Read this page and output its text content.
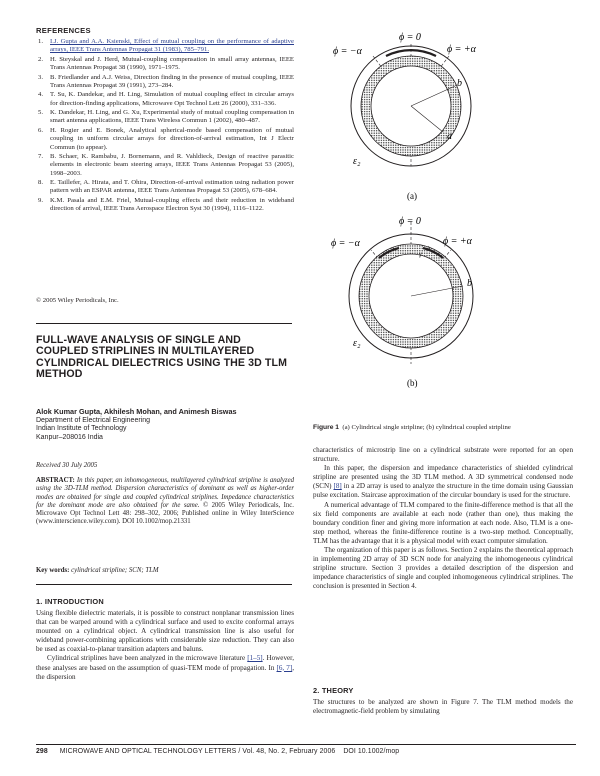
REFERENCES
1.	I.J. Gupta and A.A. Ksienski, Effect of mutual coupling on the performance of adaptive arrays, IEEE Trans Antennas Propagat 31 (1983), 785–791.
2.	H. Steyskal and J. Herd, Mutual-coupling compensation in small array antennas, IEEE Trans Antennas Propagat 38 (1990), 1971–1975.
3.	B. Friedlander and A.J. Weiss, Direction finding in the presence of mutual coupling, IEEE Trans Antennas Propagat 39 (1991), 273–284.
4.	T. Su, K. Dandekar, and H. Ling, Simulation of mutual coupling effect in circular arrays for direction-finding applications, Microwave Opt Technol Lett 26 (2000), 331–336.
5.	K. Dandekar, H. Ling, and G. Xu, Experimental study of mutual coupling compensation in smart antenna applications, IEEE Trans Wireless Commun 1 (2002), 480–487.
6.	H. Rogier and E. Bonek, Analytical spherical-mode based compensation of mutual coupling in uniform circular arrays for direction-of-arrival estimation, Int J Electr Commun (to appear).
7.	B. Schaer, K. Rambabu, J. Bornemann, and R. Vahldieck, Design of reactive parasitic elements in electronic beam steering arrays, IEEE Trans Antennas Propagat 53 (2005), 1998–2003.
8.	E. Taillefer, A. Hirata, and T. Ohira, Direction-of-arrival estimation using radiation power pattern with an ESPAR antenna, IEEE Trans Antennas Propagat 53 (2005), 678–684.
9.	K.M. Pasala and E.M. Friel, Mutual-coupling effects and their reduction in wideband direction of arrival, IEEE Trans Aerospace Electron Syst 30 (1994), 1116–1122.
© 2005 Wiley Periodicals, Inc.
FULL-WAVE ANALYSIS OF SINGLE AND COUPLED STRIPLINES IN MULTILAYERED CYLINDRICAL DIELECTRICS USING THE 3D TLM METHOD
Alok Kumar Gupta, Akhilesh Mohan, and Animesh Biswas
Department of Electrical Engineering
Indian Institute of Technology
Kanpur–208016 India
Received 30 July 2005
ABSTRACT: In this paper, an inhomogeneous, multilayered cylindrical stripline is analyzed using the 3D-TLM method. Dispersion characteristics of dominant as well as higher-order modes are obtained for single and coupled cylindrical striplines. Impedance characteristics for the dominant mode are also obtained for the same. © 2005 Wiley Periodicals, Inc. Microwave Opt Technol Lett 48: 298–302, 2006; Published online in Wiley InterScience (www.interscience.wiley.com). DOI 10.1002/mop.21331
Key words: cylindrical stripline; SCN; TLM
1. INTRODUCTION

Using flexible dielectric materials, it is possible to construct nonplanar transmission lines that can be warped around with a cylindrical surface and used to excite conformal arrays mounted on a cylindrical object. A cylindrical transmission line is also useful for wideband power-combining applications with considerable size reduction. They can also be used as coaxial-to-planar transition adapters and baluns.

Cylindrical striplines have been analyzed in the microwave literature [1–5]. However, these analyses are based on the assumption of quasi-TEM mode of propagation. In [6, 7], the dispersion

ϕ = 0
ϕ = +α
ϕ = −α
b
a
ε₂
(a)
ϕ = 0
ϕ = +α
ϕ = −α
γ
b
ε₂
(b)
Figure 1 (a) Cylindrical single stripline; (b) cylindrical coupled stripline

characteristics of microstrip line on a cylindrical substrate were reported for an open structure.

In this paper, the dispersion and impedance characteristics of shielded cylindrical stripline are presented using the 3D TLM method. A 3D symmetrical condensed node (SCN) [8] in a 2D array is used to analyze the structure in the time domain using Gaussian pulse excitation. Staircase approximation of the circular boundary is used for the structure.

A numerical advantage of TLM compared to the finite-difference method is that all the six field components are available at each node (rather than one), thus making the boundary condition finer and giving more information at each node. Also, TLM is a one-step method, whereas the finite-difference routine is a two-step method. Conceptually, TLM has the advantage that it is a physical model with exact computer simulation.

The organization of this paper is as follows. Section 2 explains the theoretical approach in implementing 2D array of 3D SCN node for analyzing the inhomogeneous cylindrical stripline structure. Section 3 provides a detailed description of the dispersion and impedance characteristics of single and coupled inhomogeneous cylindrical striplines. The conclusion is presented in Section 4.

2. THEORY
The structures to be analyzed are shown in Figure 7. The TLM method models the electromagnetic-field problem by simulating
298 MICROWAVE AND OPTICAL TECHNOLOGY LETTERS / Vol. 48, No. 2, February 2006 DOI 10.1002/mop
